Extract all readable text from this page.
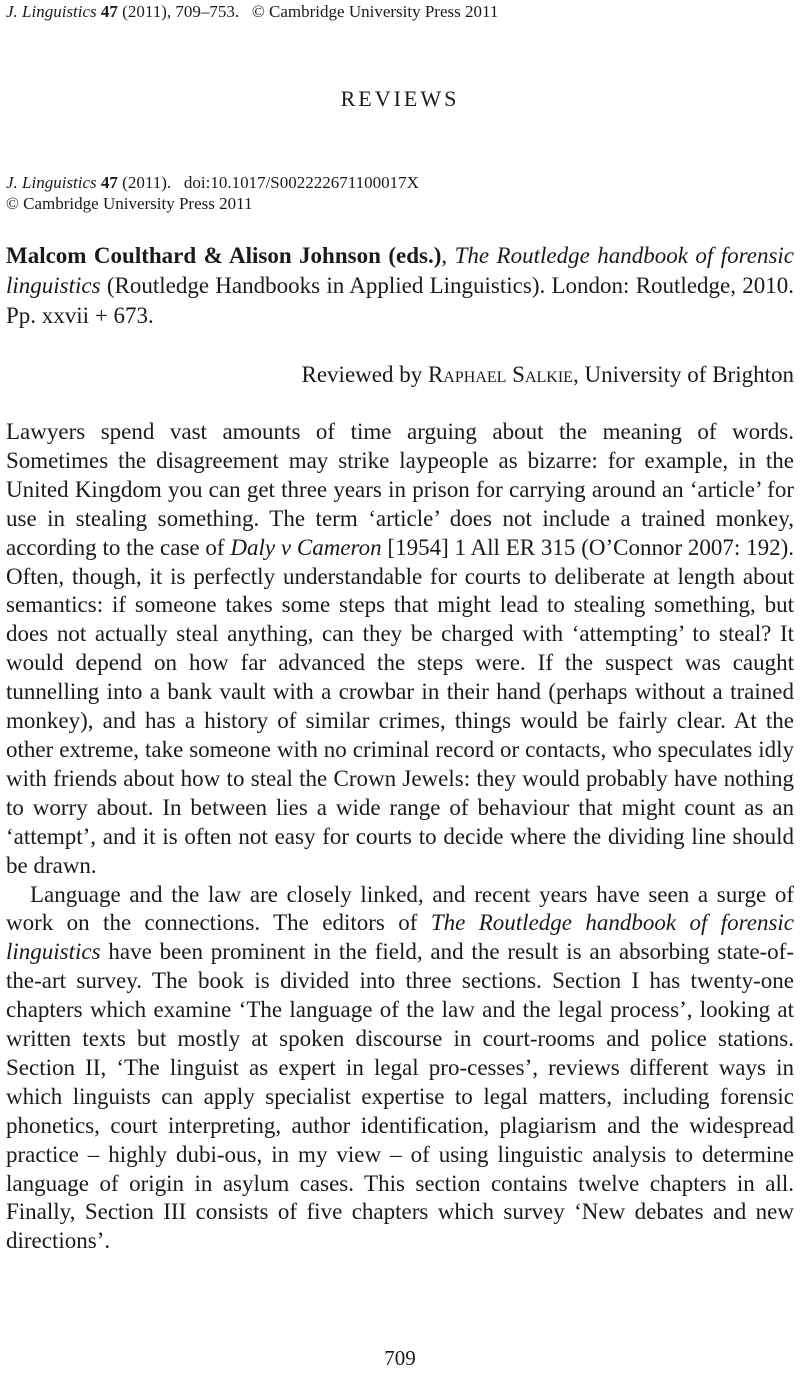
J. Linguistics 47 (2011), 709–753. © Cambridge University Press 2011
REVIEWS
J. Linguistics 47 (2011). doi:10.1017/S002222671100017X
© Cambridge University Press 2011
Malcom Coulthard & Alison Johnson (eds.), The Routledge handbook of forensic linguistics (Routledge Handbooks in Applied Linguistics). London: Routledge, 2010. Pp. xxvii + 673.
Reviewed by Raphael Salkie, University of Brighton

Lawyers spend vast amounts of time arguing about the meaning of words. Sometimes the disagreement may strike laypeople as bizarre: for example, in the United Kingdom you can get three years in prison for carrying around an ‘article’ for use in stealing something. The term ‘article’ does not include a trained monkey, according to the case of Daly v Cameron [1954] 1 All ER 315 (O’Connor 2007: 192). Often, though, it is perfectly understandable for courts to deliberate at length about semantics: if someone takes some steps that might lead to stealing something, but does not actually steal anything, can they be charged with ‘attempting’ to steal? It would depend on how far advanced the steps were. If the suspect was caught tunnelling into a bank vault with a crowbar in their hand (perhaps without a trained monkey), and has a history of similar crimes, things would be fairly clear. At the other extreme, take someone with no criminal record or contacts, who speculates idly with friends about how to steal the Crown Jewels: they would probably have nothing to worry about. In between lies a wide range of behaviour that might count as an ‘attempt’, and it is often not easy for courts to decide where the dividing line should be drawn.

Language and the law are closely linked, and recent years have seen a surge of work on the connections. The editors of The Routledge handbook of forensic linguistics have been prominent in the field, and the result is an absorbing state-of-the-art survey. The book is divided into three sections. Section I has twenty-one chapters which examine ‘The language of the law and the legal process’, looking at written texts but mostly at spoken discourse in court-rooms and police stations. Section II, ‘The linguist as expert in legal pro-cesses’, reviews different ways in which linguists can apply specialist expertise to legal matters, including forensic phonetics, court interpreting, author identification, plagiarism and the widespread practice – highly dubi-ous, in my view – of using linguistic analysis to determine language of origin in asylum cases. This section contains twelve chapters in all. Finally, Section III consists of five chapters which survey ‘New debates and new directions’.

709
